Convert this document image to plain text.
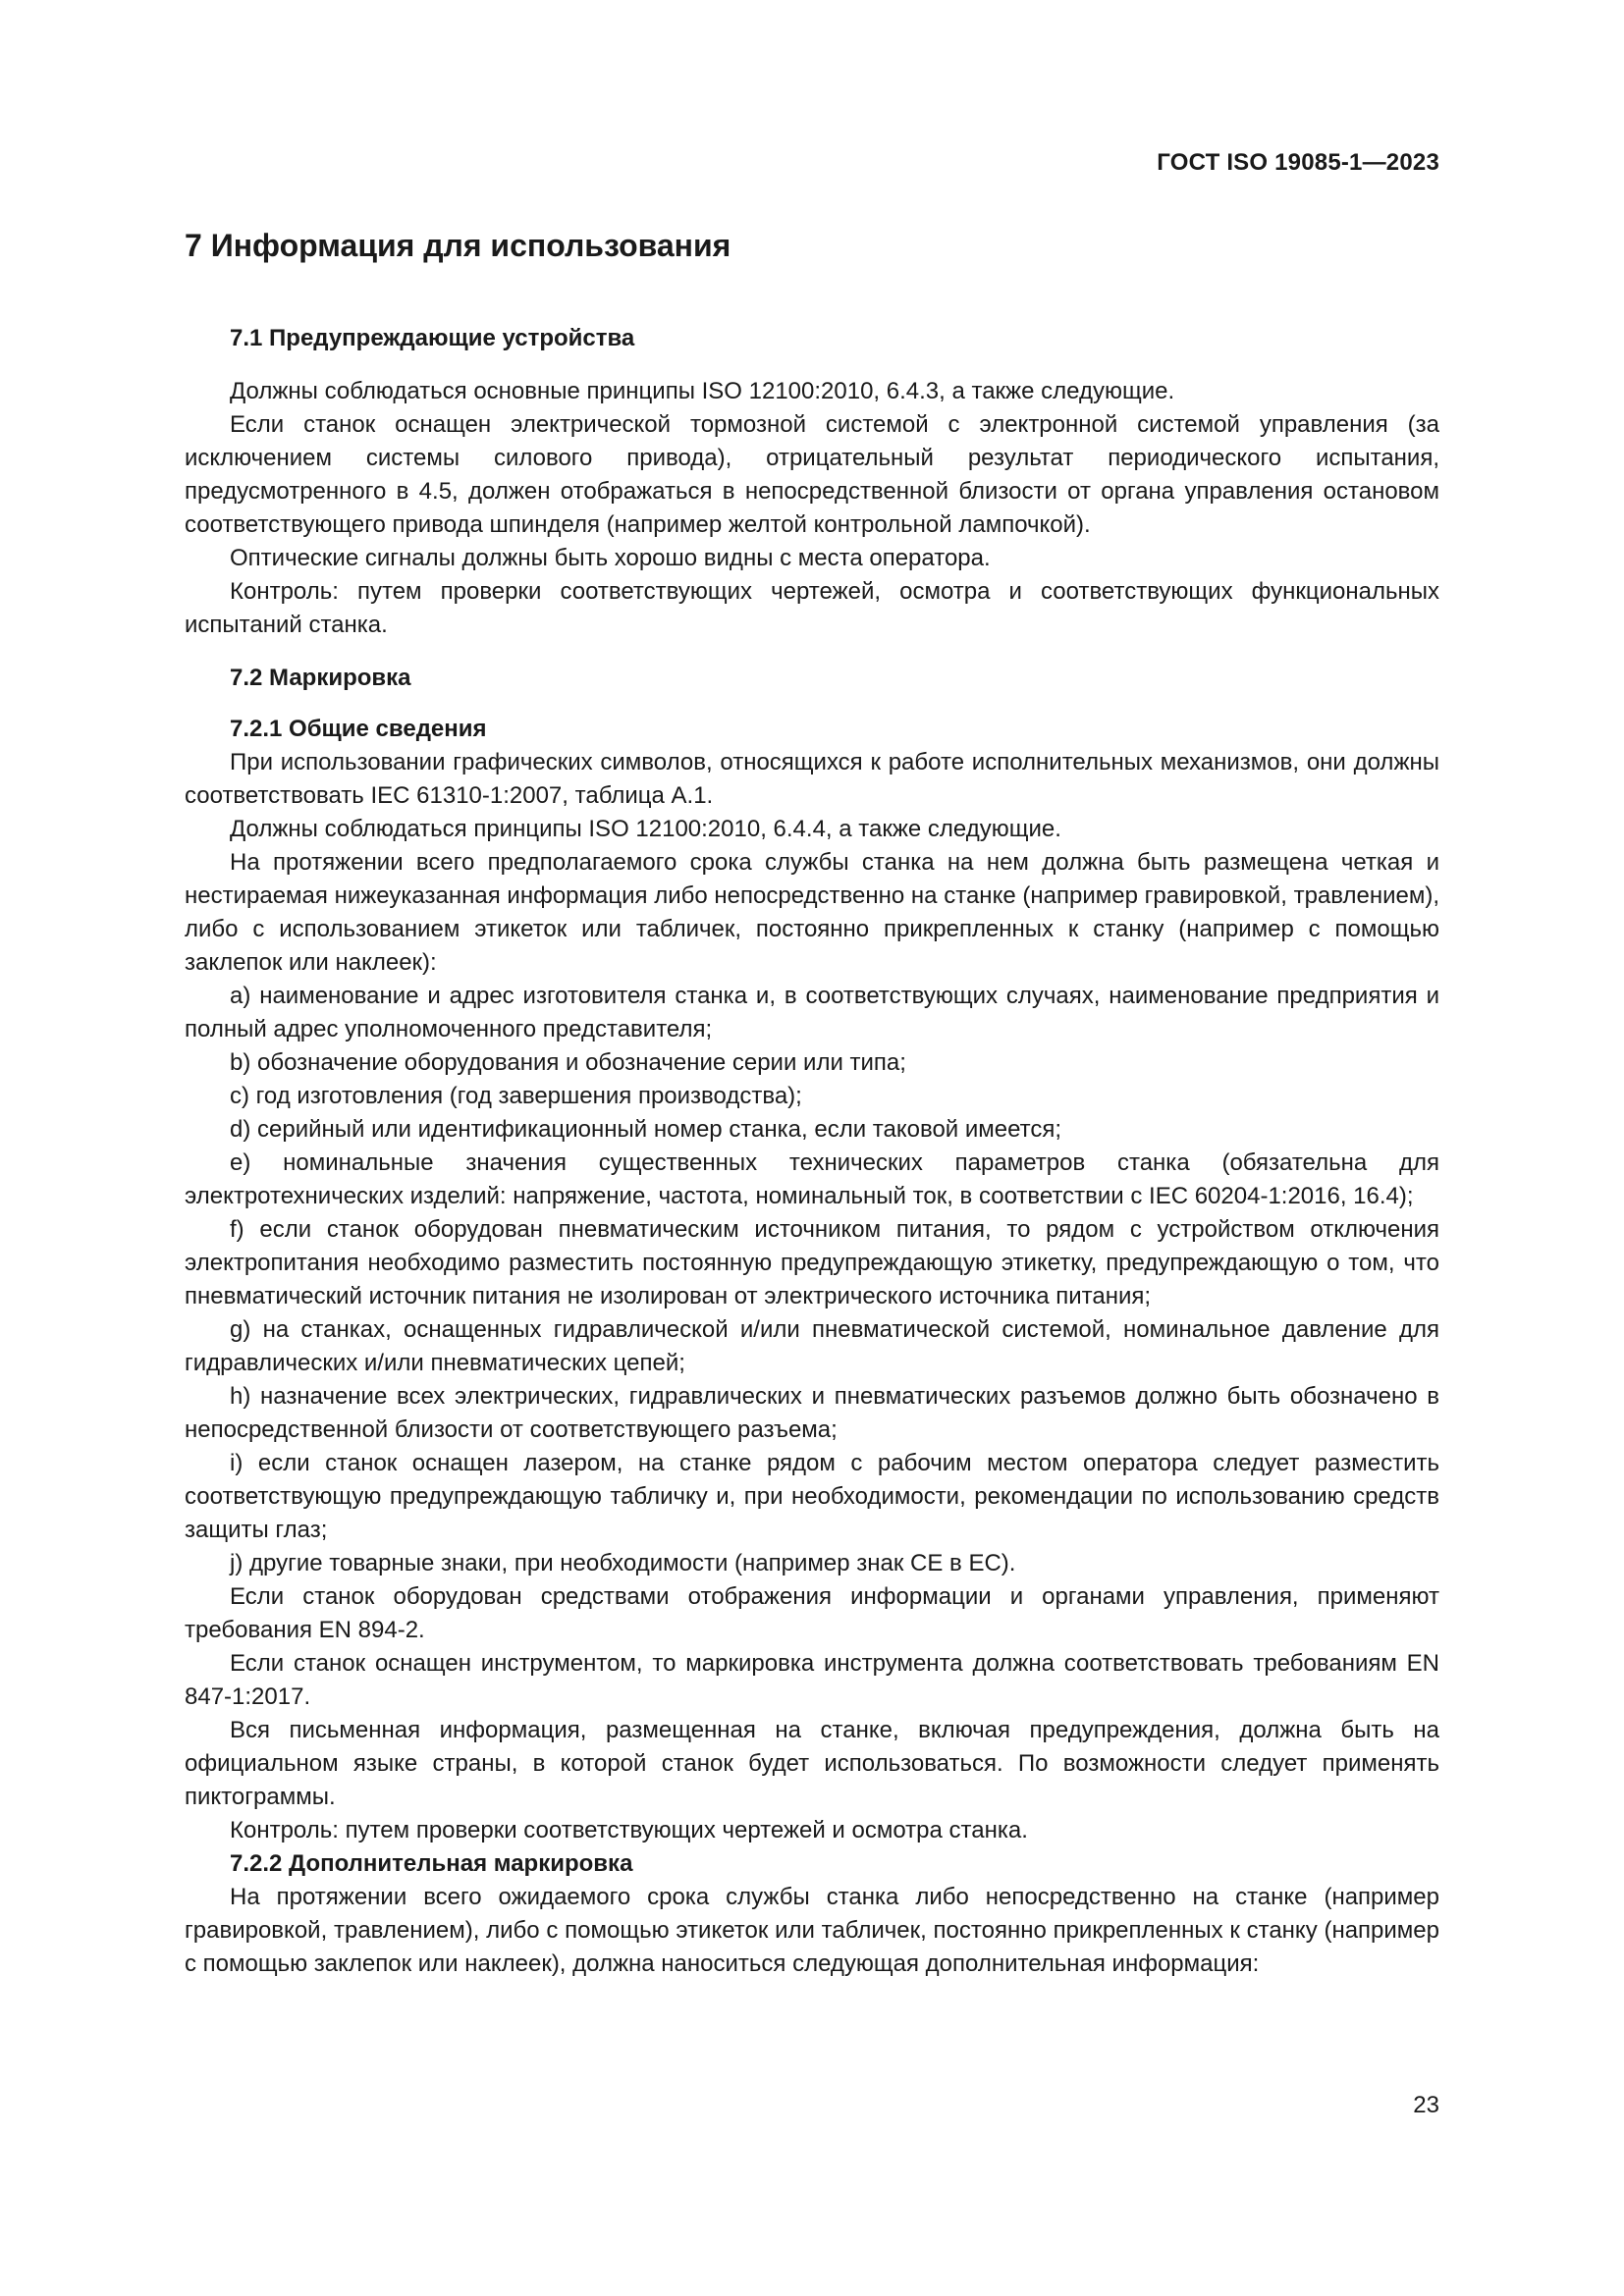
ГОСТ ISO 19085-1—2023
7 Информация для использования
7.1 Предупреждающие устройства

Должны соблюдаться основные принципы ISO 12100:2010, 6.4.3, а также следующие.

Если станок оснащен электрической тормозной системой с электронной системой управления (за исключением системы силового привода), отрицательный результат периодического испытания, предусмотренного в 4.5, должен отображаться в непосредственной близости от органа управления остановом соответствующего привода шпинделя (например желтой контрольной лампочкой).

Оптические сигналы должны быть хорошо видны с места оператора.

Контроль: путем проверки соответствующих чертежей, осмотра и соответствующих функциональных испытаний станка.

7.2 Маркировка
7.2.1 Общие сведения

При использовании графических символов, относящихся к работе исполнительных механизмов, они должны соответствовать IEC 61310-1:2007, таблица А.1.

Должны соблюдаться принципы ISO 12100:2010, 6.4.4, а также следующие.

На протяжении всего предполагаемого срока службы станка на нем должна быть размещена четкая и нестираемая нижеуказанная информация либо непосредственно на станке (например гравировкой, травлением), либо с использованием этикеток или табличек, постоянно прикрепленных к станку (например с помощью заклепок или наклеек):

a) наименование и адрес изготовителя станка и, в соответствующих случаях, наименование предприятия и полный адрес уполномоченного представителя;

b) обозначение оборудования и обозначение серии или типа;

c) год изготовления (год завершения производства);

d) серийный или идентификационный номер станка, если таковой имеется;

e) номинальные значения существенных технических параметров станка (обязательна для электротехнических изделий: напряжение, частота, номинальный ток, в соответствии с IEC 60204-1:2016, 16.4);

f) если станок оборудован пневматическим источником питания, то рядом с устройством отключения электропитания необходимо разместить постоянную предупреждающую этикетку, предупреждающую о том, что пневматический источник питания не изолирован от электрического источника питания;

g) на станках, оснащенных гидравлической и/или пневматической системой, номинальное давление для гидравлических и/или пневматических цепей;

h) назначение всех электрических, гидравлических и пневматических разъемов должно быть обозначено в непосредственной близости от соответствующего разъема;

i) если станок оснащен лазером, на станке рядом с рабочим местом оператора следует разместить соответствующую предупреждающую табличку и, при необходимости, рекомендации по использованию средств защиты глаз;

j) другие товарные знаки, при необходимости (например знак СЕ в ЕС).

Если станок оборудован средствами отображения информации и органами управления, применяют требования EN 894-2.

Если станок оснащен инструментом, то маркировка инструмента должна соответствовать требованиям EN 847-1:2017.

Вся письменная информация, размещенная на станке, включая предупреждения, должна быть на официальном языке страны, в которой станок будет использоваться. По возможности следует применять пиктограммы.

Контроль: путем проверки соответствующих чертежей и осмотра станка.

7.2.2 Дополнительная маркировка

На протяжении всего ожидаемого срока службы станка либо непосредственно на станке (например гравировкой, травлением), либо с помощью этикеток или табличек, постоянно прикрепленных к станку (например с помощью заклепок или наклеек), должна наноситься следующая дополнительная информация:

23
